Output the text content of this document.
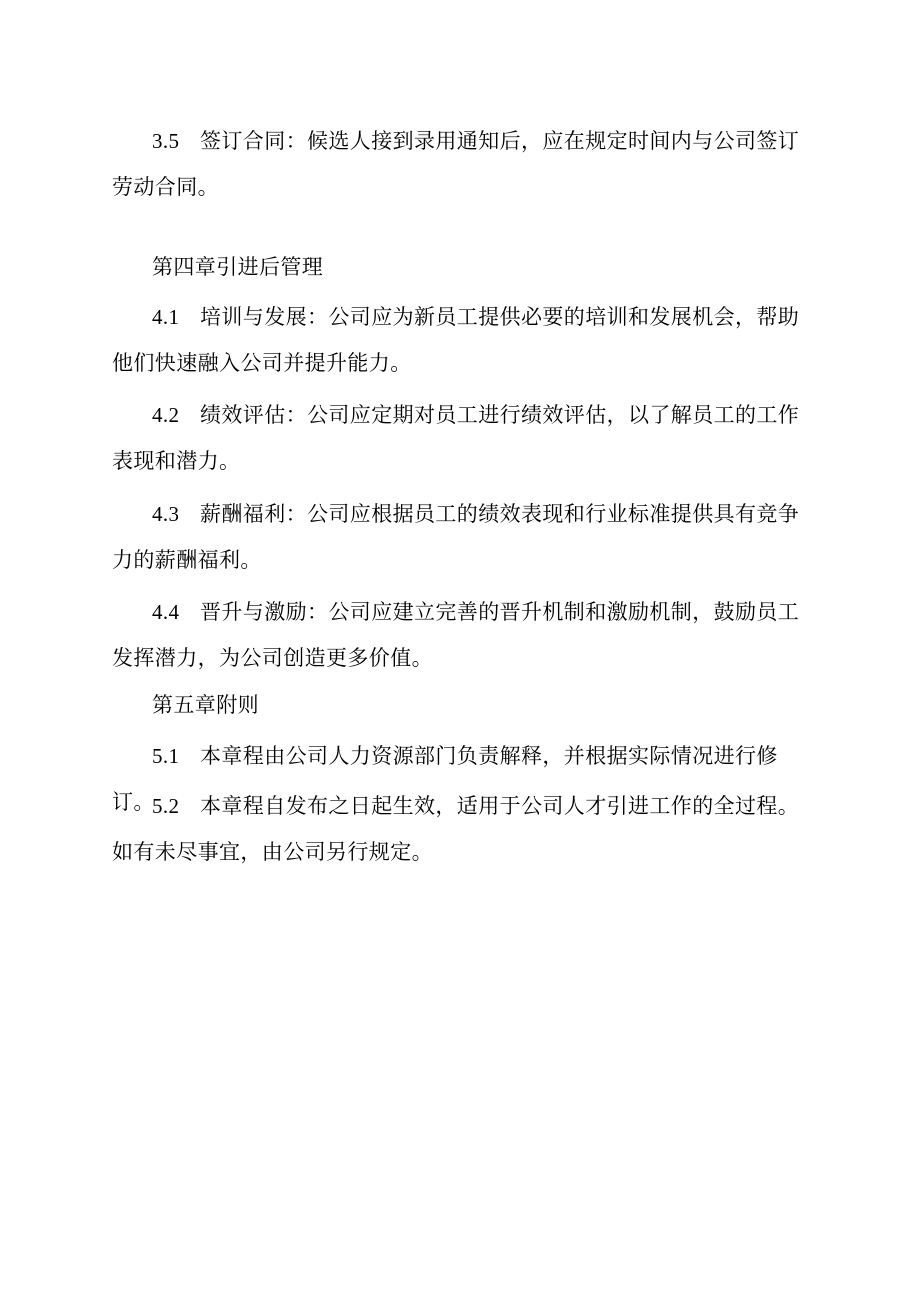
3.5 签订合同：候选人接到录用通知后，应在规定时间内与公司签订劳动合同。

第四章引进后管理

4.1 培训与发展：公司应为新员工提供必要的培训和发展机会，帮助他们快速融入公司并提升能力。

4.2 绩效评估：公司应定期对员工进行绩效评估，以了解员工的工作表现和潜力。

4.3 薪酬福利：公司应根据员工的绩效表现和行业标准提供具有竞争力的薪酬福利。

4.4 晋升与激励：公司应建立完善的晋升机制和激励机制，鼓励员工发挥潜力，为公司创造更多价值。

第五章附则

5.1 本章程由公司人力资源部门负责解释，并根据实际情况进行修订。

5.2 本章程自发布之日起生效，适用于公司人才引进工作的全过程。如有未尽事宜，由公司另行规定。
